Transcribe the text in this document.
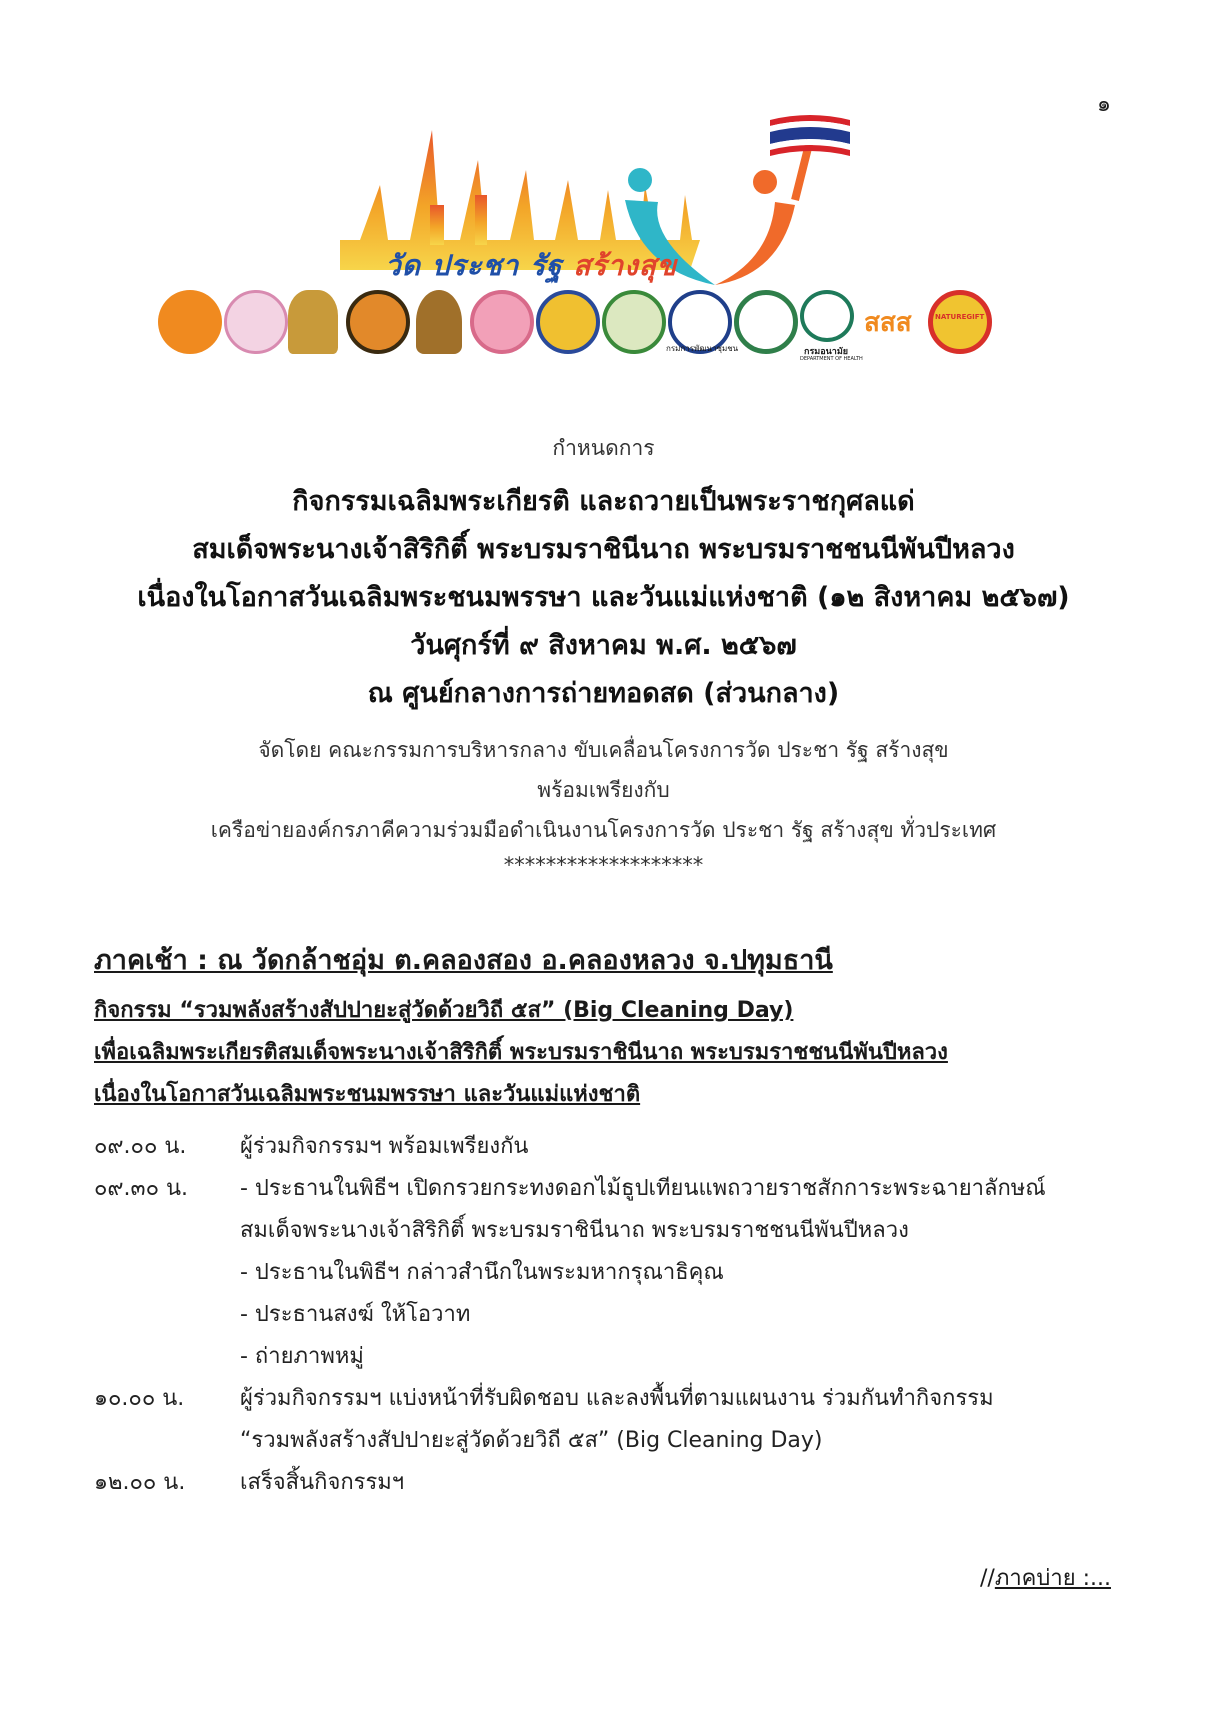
๑
วัด ประชา รัฐ สร้างสุข
กรมการพัฒนาชุมชน	กรมอนามัย
DEPARTMENT OF HEALTH
สสส	NATUREGIFT
กำหนดการ
กิจกรรมเฉลิมพระเกียรติ และถวายเป็นพระราชกุศลแด่
สมเด็จพระนางเจ้าสิริกิติ์ พระบรมราชินีนาถ พระบรมราชชนนีพันปีหลวง
เนื่องในโอกาสวันเฉลิมพระชนมพรรษา และวันแม่แห่งชาติ (๑๒ สิงหาคม ๒๕๖๗)
วันศุกร์ที่ ๙ สิงหาคม พ.ศ. ๒๕๖๗
ณ ศูนย์กลางการถ่ายทอดสด (ส่วนกลาง)
จัดโดย คณะกรรมการบริหารกลาง ขับเคลื่อนโครงการวัด ประชา รัฐ สร้างสุข
พร้อมเพรียงกับ
เครือข่ายองค์กรภาคีความร่วมมือดำเนินงานโครงการวัด ประชา รัฐ สร้างสุข ทั่วประเทศ
*******************
ภาคเช้า : ณ วัดกล้าชอุ่ม ต.คลองสอง อ.คลองหลวง จ.ปทุมธานี
กิจกรรม “รวมพลังสร้างสัปปายะสู่วัดด้วยวิถี ๕ส” (Big Cleaning Day)
เพื่อเฉลิมพระเกียรติสมเด็จพระนางเจ้าสิริกิติ์ พระบรมราชินีนาถ พระบรมราชชนนีพันปีหลวง
เนื่องในโอกาสวันเฉลิมพระชนมพรรษา และวันแม่แห่งชาติ
๐๙.๐๐ น. ผู้ร่วมกิจกรรมฯ พร้อมเพรียงกัน
๐๙.๓๐ น. - ประธานในพิธีฯ เปิดกรวยกระทงดอกไม้ธูปเทียนแพถวายราชสักการะพระฉายาลักษณ์
สมเด็จพระนางเจ้าสิริกิติ์ พระบรมราชินีนาถ พระบรมราชชนนีพันปีหลวง
- ประธานในพิธีฯ กล่าวสำนึกในพระมหากรุณาธิคุณ
- ประธานสงฆ์ ให้โอวาท
- ถ่ายภาพหมู่
๑๐.๐๐ น.	ผู้ร่วมกิจกรรมฯ แบ่งหน้าที่รับผิดชอบ และลงพื้นที่ตามแผนงาน ร่วมกันทำกิจกรรม
“รวมพลังสร้างสัปปายะสู่วัดด้วยวิถี ๕ส” (Big Cleaning Day)
๑๒.๐๐ น. เสร็จสิ้นกิจกรรมฯ
//ภาคบ่าย :...
